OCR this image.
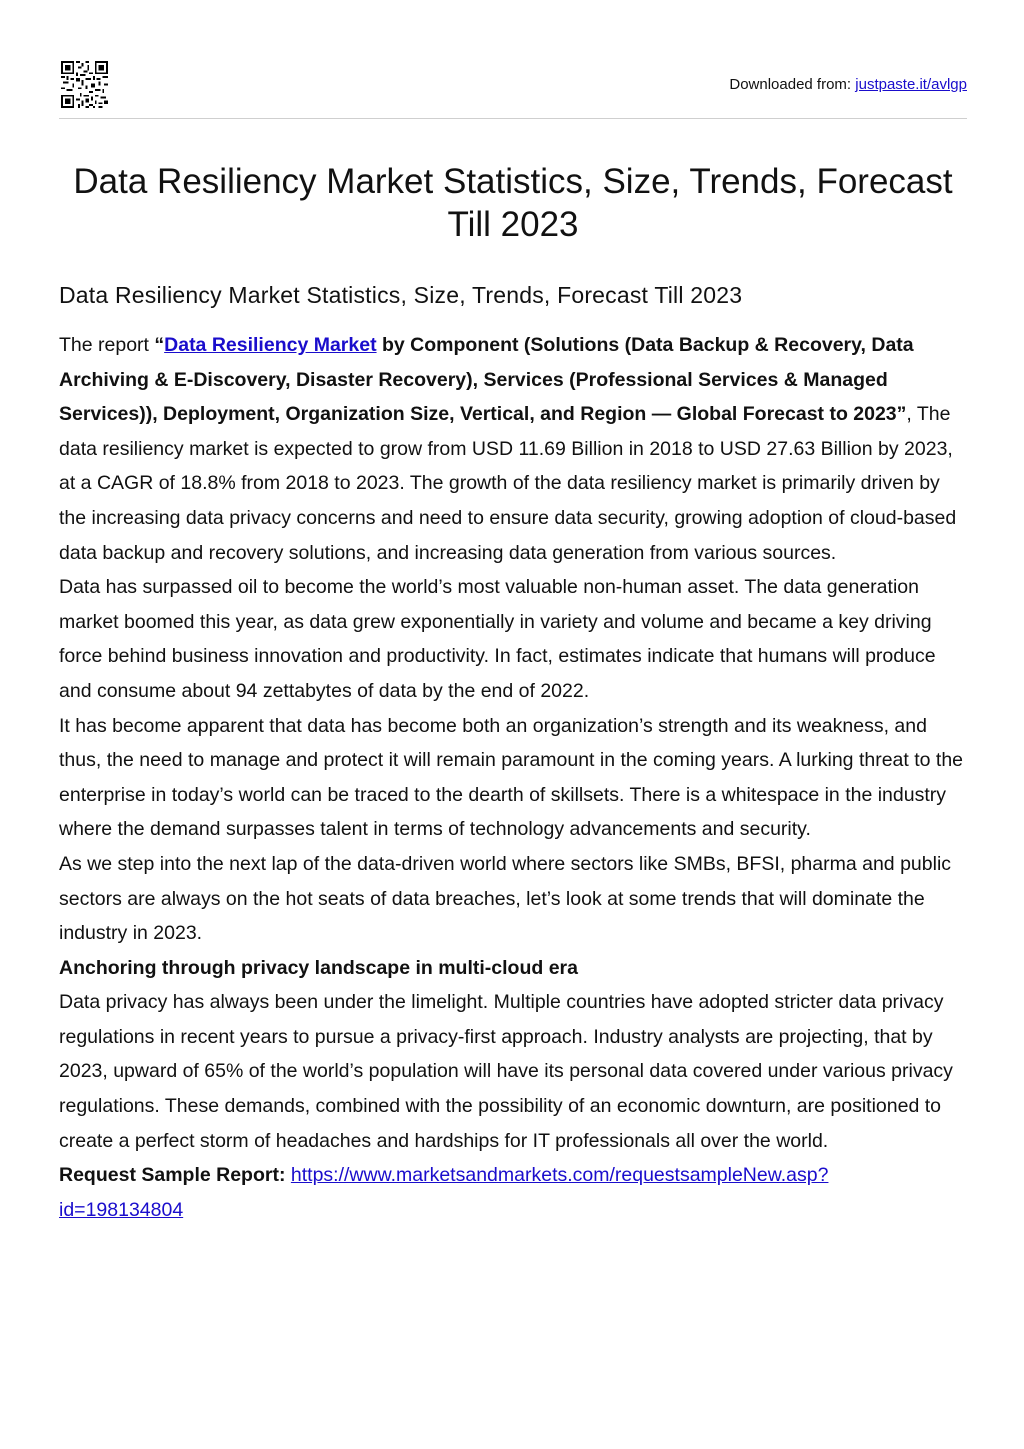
Downloaded from: justpaste.it/avlgp
Data Resiliency Market Statistics, Size, Trends, Forecast Till 2023
Data Resiliency Market Statistics, Size, Trends, Forecast Till 2023

The report “Data Resiliency Market by Component (Solutions (Data Backup & Recovery, Data Archiving & E-Discovery, Disaster Recovery), Services (Professional Services & Managed Services)), Deployment, Organization Size, Vertical, and Region — Global Forecast to 2023”, The data resiliency market is expected to grow from USD 11.69 Billion in 2018 to USD 27.63 Billion by 2023, at a CAGR of 18.8% from 2018 to 2023. The growth of the data resiliency market is primarily driven by the increasing data privacy concerns and need to ensure data security, growing adoption of cloud-based data backup and recovery solutions, and increasing data generation from various sources.

Data has surpassed oil to become the world’s most valuable non-human asset. The data generation market boomed this year, as data grew exponentially in variety and volume and became a key driving force behind business innovation and productivity. In fact, estimates indicate that humans will produce and consume about 94 zettabytes of data by the end of 2022.

It has become apparent that data has become both an organization’s strength and its weakness, and thus, the need to manage and protect it will remain paramount in the coming years. A lurking threat to the enterprise in today’s world can be traced to the dearth of skillsets. There is a whitespace in the industry where the demand surpasses talent in terms of technology advancements and security.

As we step into the next lap of the data-driven world where sectors like SMBs, BFSI, pharma and public sectors are always on the hot seats of data breaches, let’s look at some trends that will dominate the industry in 2023.

Anchoring through privacy landscape in multi-cloud era

Data privacy has always been under the limelight. Multiple countries have adopted stricter data privacy regulations in recent years to pursue a privacy-first approach. Industry analysts are projecting, that by 2023, upward of 65% of the world’s population will have its personal data covered under various privacy regulations. These demands, combined with the possibility of an economic downturn, are positioned to create a perfect storm of headaches and hardships for IT professionals all over the world.

Request Sample Report: https://www.marketsandmarkets.com/requestsampleNew.asp?
id=198134804
